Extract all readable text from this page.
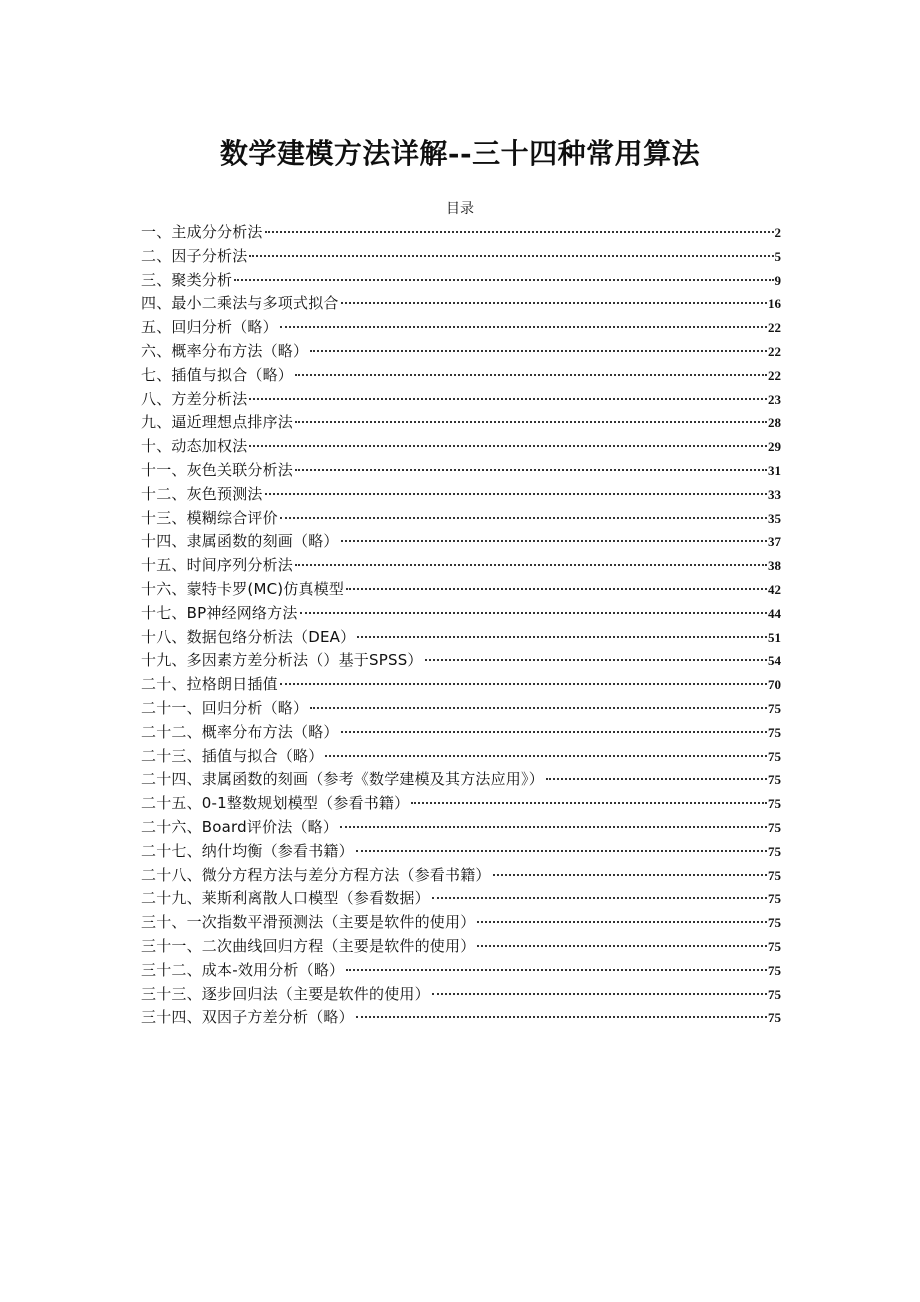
数学建模方法详解--三十四种常用算法
目录
一、主成分分析法	2
二、因子分析法	5
三、聚类分析	9
四、最小二乘法与多项式拟合	16
五、回归分析（略）	22
六、概率分布方法（略）	22
七、插值与拟合（略）	22
八、方差分析法	23
九、逼近理想点排序法	28
十、动态加权法	29
十一、灰色关联分析法	31
十二、灰色预测法	33
十三、模糊综合评价	35
十四、隶属函数的刻画（略）	37
十五、时间序列分析法	38
十六、蒙特卡罗(MC)仿真模型	42
十七、BP神经网络方法	44
十八、数据包络分析法（DEA）	51
十九、多因素方差分析法（）基于SPSS）	54
二十、拉格朗日插值	70
二十一、回归分析（略）	75
二十二、概率分布方法（略）	75
二十三、插值与拟合（略）	75
二十四、隶属函数的刻画（参考《数学建模及其方法应用》）	75
二十五、0-1整数规划模型（参看书籍）	75
二十六、Board评价法（略）	75
二十七、纳什均衡（参看书籍）	75
二十八、微分方程方法与差分方程方法（参看书籍）	75
二十九、莱斯利离散人口模型（参看数据）	75
三十、一次指数平滑预测法（主要是软件的使用）	75
三十一、二次曲线回归方程（主要是软件的使用）	75
三十二、成本-效用分析（略）	75
三十三、逐步回归法（主要是软件的使用）	75
三十四、双因子方差分析（略）	75
